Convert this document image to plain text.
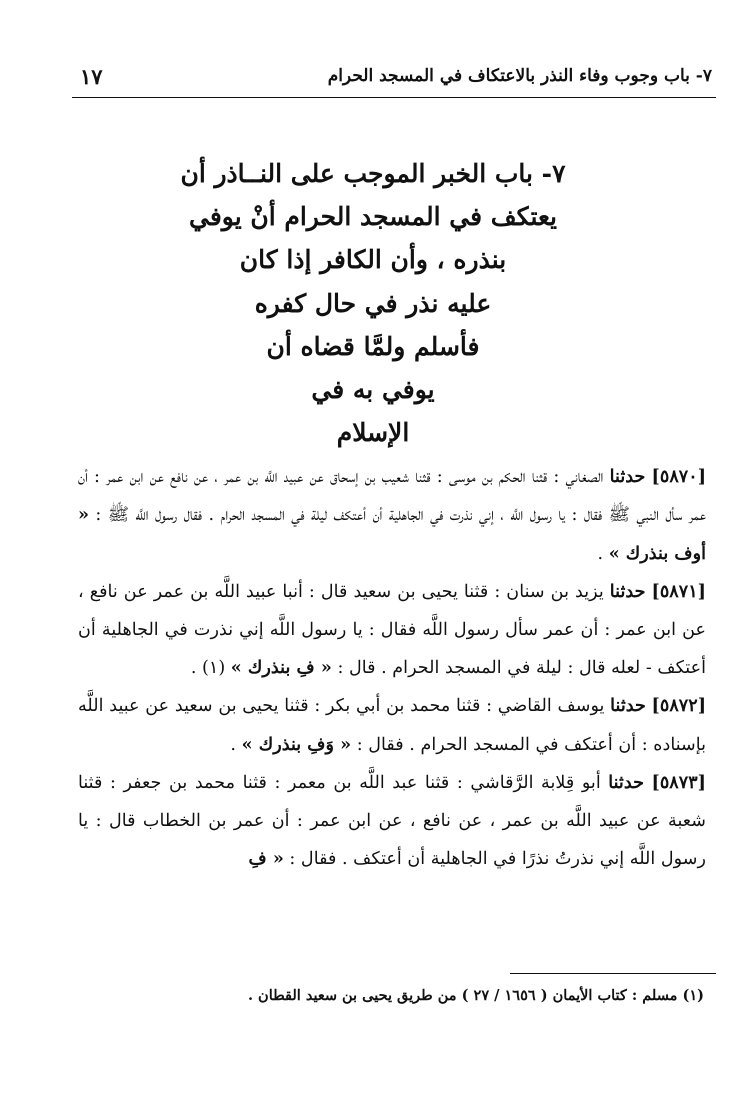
٧- باب وجوب وفاء النذر بالاعتكاف في المسجد الحرام
١٧
٧- باب الخبر الموجب على النــاذر أن
يعتكف في المسجد الحرام أنْ يوفي
بنذره ، وأن الكافر إذا كان
عليه نذر في حال كفره
فأسلم ولمَّا قضاه أن
يوفي به في
الإسلام

[٥٨٧٠] حدثنا الصغاني : قثنا الحكم بن موسى : قثنا شعيب بن إسحاق عن عبيد اللَّه بن عمر ، عن نافع عن ابن عمر : أن عمر سأل النبي ﷺ فقال : يا رسول اللَّه ، إني نذرت في الجاهلية أن أعتكف ليلة في المسجد الحرام . فقال رسول اللَّه ﷺ : « أوف بنذرك » .

[٥٨٧١] حدثنا يزيد بن سنان : قثنا يحيى بن سعيد قال : أنبا عبيد اللَّه بن عمر عن نافع ، عن ابن عمر : أن عمر سأل رسول اللَّه فقال : يا رسول اللَّه إني نذرت في الجاهلية أن أعتكف - لعله قال : ليلة في المسجد الحرام . قال : « فِ بنذرك » (١) .

[٥٨٧٢] حدثنا يوسف القاضي : قثنا محمد بن أبي بكر : قثنا يحيى بن سعيد عن عبيد اللَّه بإسناده : أن أعتكف في المسجد الحرام . فقال : « وَفِ بنذرك » .

[٥٨٧٣] حدثنا أبو قِلابة الرَّقاشي : قثنا عبد اللَّه بن معمر : قثنا محمد بن جعفر : قثنا شعبة عن عبيد اللَّه بن عمر ، عن نافع ، عن ابن عمر : أن عمر بن الخطاب قال : يا رسول اللَّه إني نذرتُ نذرًا في الجاهلية أن أعتكف . فقال : « فِ

(١) مسلم : كتاب الأيمان ( ١٦٥٦ / ٢٧ ) من طريق يحيى بن سعيد القطان .
